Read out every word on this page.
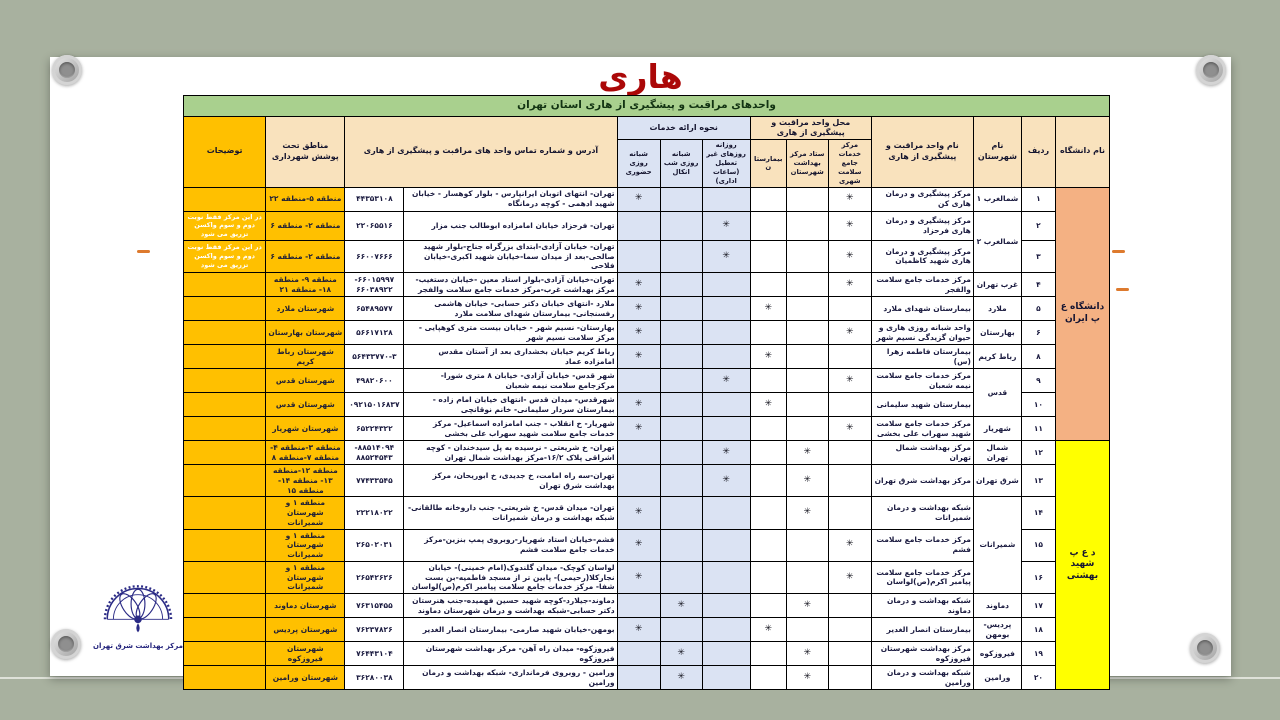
هاری
واحدهای مراقبت و پیشگیری از هاری استان تهران													
نام دانشگاه	ردیف	نام شهرستان	نام واحد مراقبت و پیشگیری از هاری	محل واحد مراقبت و پیشگیری از هاری			نحوه ارائه خدمات			آدرس و شماره تماس واحد های مراقبت و پیشگیری از هاری		مناطق تحت پوشش شهرداری	توضیحات
				مرکز خدمات جامع سلامت شهری	ستاد مرکز بهداشت شهرستان	بیمارستان	روزانه روزهای غیر تعطیل (ساعات اداری)	شبانه روزی شب انکال	شبانه روزی حضوری				
دانشگاه ع پ ایران	۱	شمالغرب ۱	مرکز پیشگیری و درمان هاری کن	✳					✳	تهران- انتهای اتوبان ایرانپارس - بلوار کوهسار - خیابان شهید ادهمی - کوچه درمانگاه	۴۴۳۵۳۱۰۸	منطقه ۵-منطقه ۲۲	
	۲	شمالغرب ۲	مرکز پیشگیری و درمان هاری فرحزاد	✳			✳			تهران- فرحزاد خیابان امامزاده ابوطالب جنب مزار	۲۲۰۶۵۵۱۶	منطقه ۲- منطقه ۶	در این مرکز فقط نوبت دوم و سوم واکسن تزریق می شود
	۳		مرکز پیشگیری و درمان هاری شهید کاظمیان	✳			✳			تهران- خیابان آزادی-ابتدای بزرگراه جناح-بلوار شهید صالحی-بعد از میدان سما-خیابان شهید اکبری-خیابان فلاحی	۶۶۰۰۷۶۶۶	منطقه ۲- منطقه ۶	در این مرکز فقط نوبت دوم و سوم واکسن تزریق می شود
	۴	غرب تهران	مرکز خدمات جامع سلامت والفجر	✳					✳	تهران-خیابان آزادی-بلوار استاد معین -خیابان دستغیب-مرکز بهداشت غرب-مرکز خدمات جامع سلامت والفجر	۶۶۰۱۵۹۹۷- ۶۶۰۳۸۹۲۲	منطقه ۹- منطقه ۱۸- منطقه ۲۱	
	۵	ملارد	بیمارستان شهدای ملارد			✳			✳	ملارد -انتهای خیابان دکتر حسابی- خیابان هاشمی رفسنجانی- بیمارستان شهدای سلامت ملارد	۶۵۴۸۹۵۷۷	شهرستان ملارد	
	۶	بهارستان	واحد شبانه روزی هاری و حیوان گزیدگی نسیم شهر	✳					✳	بهارستان- نسیم شهر - خیابان بیست متری کوهپایی - مرکز سلامت نسیم شهر	۵۶۶۱۷۱۲۸	شهرستان بهارستان	
	۸	رباط کریم	بیمارستان فاطمه زهرا (س)			✳			✳	رباط کریم خیابان بخشداری بعد از آستان مقدس امامزاده عماد	۵۶۴۳۳۷۷۰-۳	شهرستان رباط کریم	
	۹	قدس	مرکز خدمات جامع سلامت نیمه شعبان	✳			✳			شهر قدس- خیابان آزادی- خیابان ۸ متری شورا- مرکزجامع سلامت نیمه شعبان	۴۹۸۲۰۶۰۰	شهرستان قدس	
	۱۰		بیمارستان شهید سلیمانی			✳			✳	شهرقدس- میدان قدس -انتهای خیابان امام زاده - بیمارستان سردار سلیمانی- خانم نوقانچی	۰۹۲۱۵۰۱۶۸۳۷	شهرستان قدس	
	۱۱	شهریار	مرکز خدمات جامع سلامت شهید سهراب علی بخشی	✳					✳	شهریار- خ انقلاب - جنب امامزاده اسماعیل- مرکز خدمات جامع سلامت شهید سهراب علی بخشی	۶۵۲۲۴۳۲۲	شهرستان شهریار	
د ع پ شهید بهشتی	۱۲	شمال تهران	مرکز بهداشت شمال تهران		✳		✳			تهران- خ شریعتی - نرسیده به پل سیدخندان - کوچه اشراقی پلاک ۱۶/۲-مرکز بهداشت شمال تهران	۸۸۵۱۴۰۹۴- ۸۸۵۲۴۵۴۳	منطقه ۳-منطقه ۴- منطقه ۷-منطقه ۸	
	۱۳	شرق تهران	مرکز بهداشت شرق تهران		✳		✳			تهران-سه راه امامت، خ جدیدی، خ ابوریحان، مرکز بهداشت شرق تهران	۷۷۴۳۳۵۴۵	منطقه ۱۲-منطقه ۱۳- منطقه ۱۴-منطقه ۱۵	
	۱۴	شمیرانات	شبکه بهداشت و درمان شمیرانات		✳				✳	تهران- میدان قدس- خ شریعتی- جنب داروخانه طالقانی-شبکه بهداشت و درمان شمیرانات	۲۲۲۱۸۰۲۲	منطقه ۱ و شهرستان شمیرانات	
	۱۵		مرکز خدمات جامع سلامت فشم	✳					✳	فشم-خیابان استاد شهریار-روبروی پمپ بنزین-مرکز خدمات جامع سلامت فشم	۲۶۵۰۲۰۳۱	منطقه ۱ و شهرستان شمیرانات	
	۱۶		مرکز خدمات جامع سلامت پیامبر اکرم(ص)لواسان	✳					✳	لواسان کوچک- میدان گلندوک(امام خمینی)- خیابان نجارکلا(رحیمی)- پایین تر از مسجد فاطمیه-بن بست شفا- مرکز خدمات جامع سلامت پیامبر اکرم(ص)لواسان	۲۶۵۴۲۶۲۶	منطقه ۱ و شهرستان شمیرانات	
	۱۷	دماوند	شبکه بهداشت و درمان دماوند		✳			✳		دماوند-جیلارد-کوچه شهید حسین فهمیده-جنب هنرستان دکتر حسابی-شبکه بهداشت و درمان شهرستان دماوند	۷۶۳۱۵۴۵۵	شهرستان دماوند	
	۱۸	پردیس- بومهن	بیمارستان انصار الغدیر			✳			✳	بومهن-خیابان شهید صارمی- بیمارستان انصار الغدیر	۷۶۲۳۷۸۲۶	شهرستان پردیس	
	۱۹	فیروزکوه	مرکز بهداشت شهرستان فیروزکوه		✳			✳		فیروزکوه- میدان راه آهن- مرکز بهداشت شهرستان فیروزکوه	۷۶۴۴۳۱۰۴	شهرستان فیروزکوه	
	۲۰	ورامین	شبکه بهداشت و درمان ورامین		✳			✳		ورامین - روبروی فرمانداری- شبکه بهداشت و درمان ورامین	۳۶۲۸۰۰۳۸	شهرستان ورامین	
مرکز بهداشت شرق تهران
